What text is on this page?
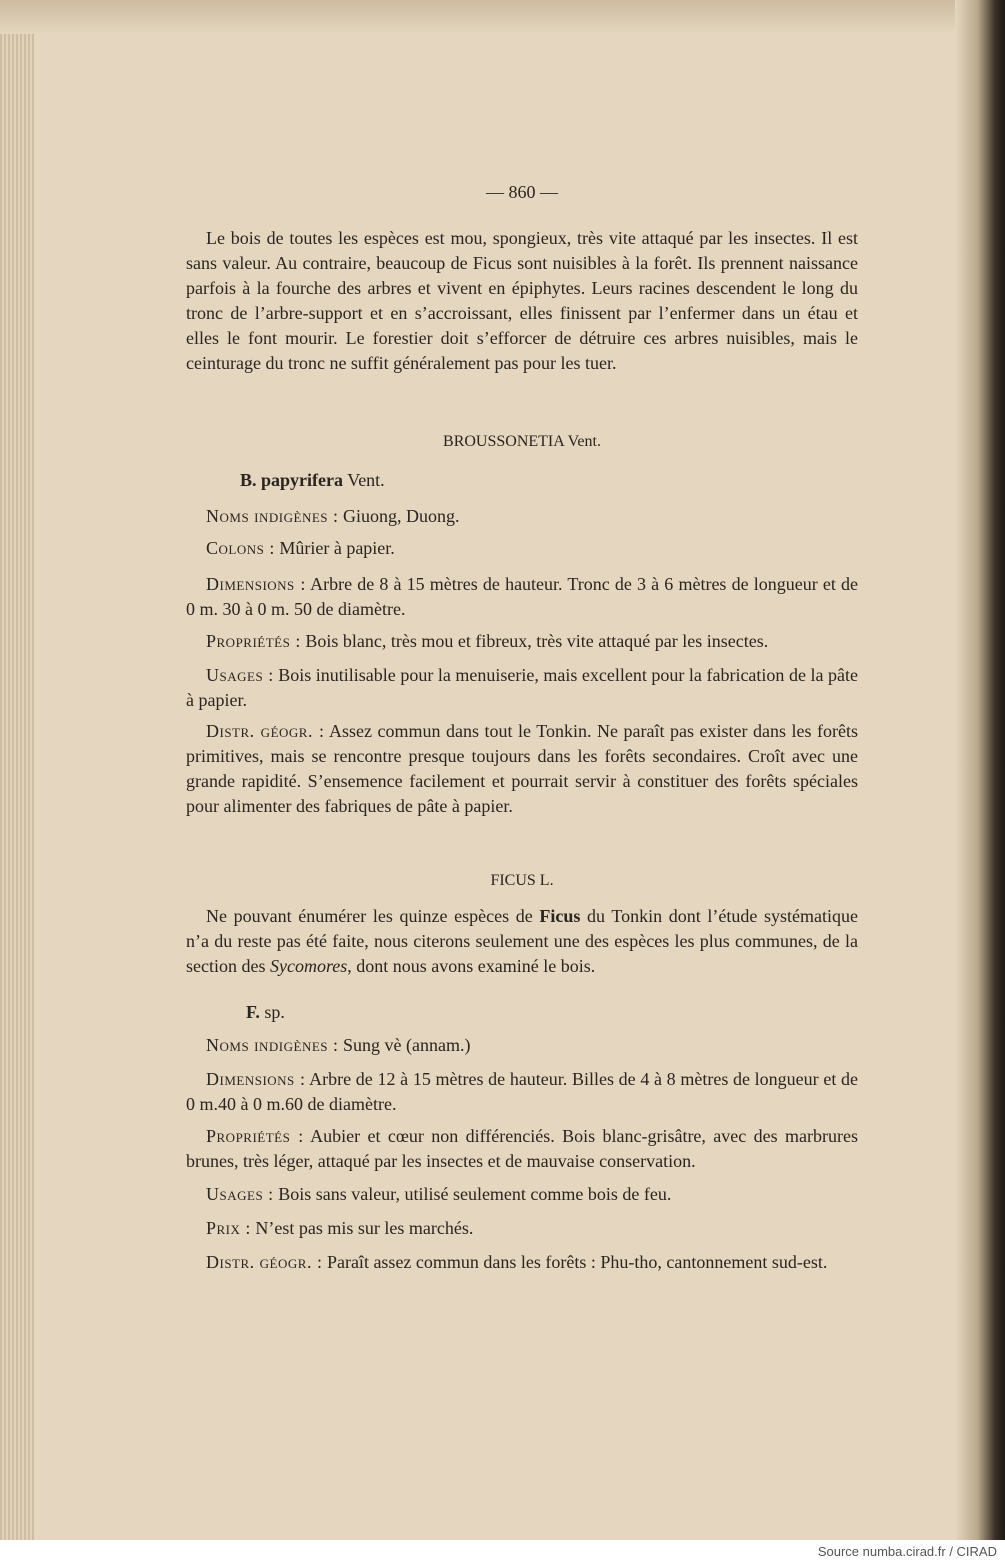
— 860 —
Le bois de toutes les espèces est mou, spongieux, très vite attaqué par les insectes. Il est sans valeur. Au contraire, beaucoup de Ficus sont nuisibles à la forêt. Ils prennent naissance parfois à la fourche des arbres et vivent en épiphytes. Leurs racines descendent le long du tronc de l’arbre-support et en s’accroissant, elles finissent par l’enfermer dans un étau et elles le font mourir. Le forestier doit s’efforcer de détruire ces arbres nuisibles, mais le ceinturage du tronc ne suffit généralement pas pour les tuer.
BROUSSONETIA Vent.
B. papyrifera Vent.
Noms indigènes : Giuong, Duong.
Colons : Mûrier à papier.
Dimensions : Arbre de 8 à 15 mètres de hauteur. Tronc de 3 à 6 mètres de longueur et de 0 m. 30 à 0 m. 50 de diamètre.
Propriétés : Bois blanc, très mou et fibreux, très vite attaqué par les insectes.
Usages : Bois inutilisable pour la menuiserie, mais excellent pour la fabrication de la pâte à papier.
Distr. géogr. : Assez commun dans tout le Tonkin. Ne paraît pas exister dans les forêts primitives, mais se rencontre presque toujours dans les forêts secondaires. Croît avec une grande rapidité. S’ensemence facilement et pourrait servir à constituer des forêts spéciales pour alimenter des fabriques de pâte à papier.
FICUS L.
Ne pouvant énumérer les quinze espèces de Ficus du Tonkin dont l’étude systématique n’a du reste pas été faite, nous citerons seulement une des espèces les plus communes, de la section des Sycomores, dont nous avons examiné le bois.
F. sp.
Noms indigènes : Sung vè (annam.)
Dimensions : Arbre de 12 à 15 mètres de hauteur. Billes de 4 à 8 mètres de longueur et de 0 m.40 à 0 m.60 de diamètre.
Propriétés : Aubier et cœur non différenciés. Bois blanc-grisâtre, avec des marbrures brunes, très léger, attaqué par les insectes et de mauvaise conservation.
Usages : Bois sans valeur, utilisé seulement comme bois de feu.
Prix : N’est pas mis sur les marchés.
Distr. géogr. : Paraît assez commun dans les forêts : Phu-tho, cantonnement sud-est.
Source numba.cirad.fr / CIRAD
